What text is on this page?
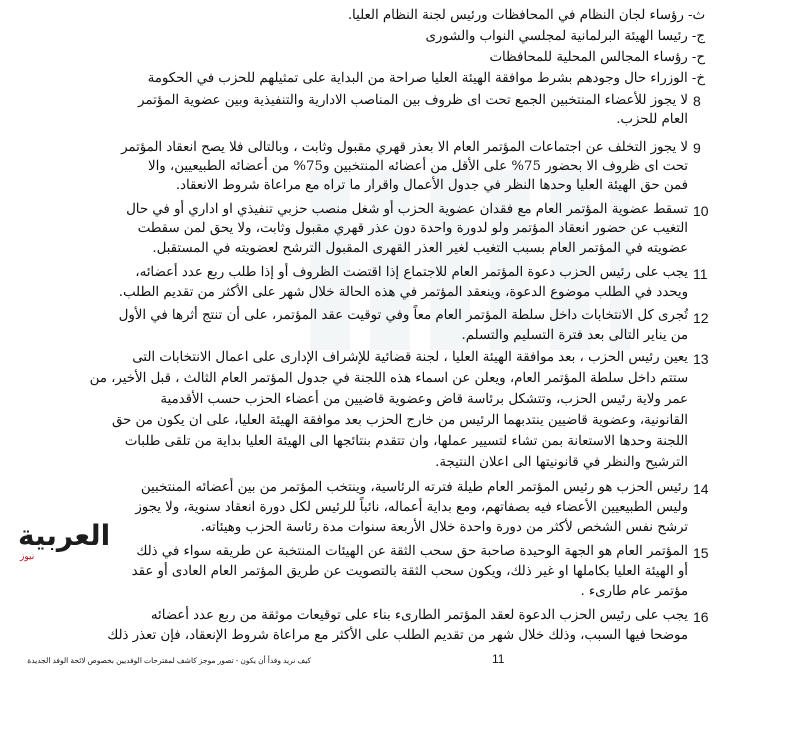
ث- رؤساء لجان النظام في المحافظات ورئيس لجنة النظام العليا.
ج- رئيسا الهيئة البرلمانية لمجلسي النواب والشورى
ح- رؤساء المجالس المحلية للمحافظات
خ- الوزراء حال وجودهم بشرط موافقة الهيئة العليا صراحة من البداية على تمثيلهم للحزب في الحكومة
8
لا يجوز للأعضاء المنتخبين الجمع تحت اى ظروف بين المناصب الادارية والتنفيذية وبين عضوية المؤتمر
العام للحزب.
9
لا يجوز التخلف عن اجتماعات المؤتمر العام الا بعذر قهري مقبول وثابت ، وبالتالى فلا يصح انعقاد المؤتمر
تحت اى ظروف الا بحضور 75% على الأقل من أعضائه المنتخبين و75% من أعضائه الطبيعيين، والا
فمن حق الهيئة العليا وحدها النظر في جدول الأعمال واقرار ما تراه مع مراعاة شروط الانعقاد.
10
تسقط عضوية المؤتمر العام مع فقدان عضوية الحزب أو شغل منصب حزبي تنفيذي او اداري أو في حال
التغيب عن حضور انعقاد المؤتمر ولو لدورة واحدة دون عذر قهري مقبول وثابت، ولا يحق لمن سقطت
عضويته في المؤتمر العام بسبب التغيب لغير العذر القهرى المقبول الترشح لعضويته في المستقبل.
11
يجب على رئيس الحزب دعوة المؤتمر العام للاجتماع إذا اقتضت الظروف أو إذا طلب ربع عدد أعضائه،
ويحدد في الطلب موضوع الدعوة، وينعقد المؤتمر في هذه الحالة خلال شهر على الأكثر من تقديم الطلب.
12
تُجرى كل الانتخابات داخل سلطة المؤتمر العام معاً وفي توقيت عقد المؤتمر، على أن تنتج أثرها في الأول
من يناير التالى بعد فترة التسليم والتسلم.
13
يعين رئيس الحزب ، بعد موافقة الهيئة العليا ، لجنة قضائية للإشراف الإدارى على اعمال الانتخابات التى
ستتم داخل سلطة المؤتمر العام، ويعلن عن اسماء هذه اللجنة في جدول المؤتمر العام الثالث ، قبل الأخير، من
عمر ولاية رئيس الحزب، وتتشكل برئاسة قاض وعضوية قاضيين من أعضاء الحزب حسب الأقدمية
القانونية، وعضوية قاضيين ينتدبهما الرئيس من خارج الحزب بعد موافقة الهيئة العليا، على ان يكون من حق
اللجنة وحدها الاستعانة بمن تشاء لتسيير عملها، وان تتقدم بنتائجها الى الهيئة العليا بداية من تلقى طلبات
الترشيح والنظر في قانونيتها الى اعلان النتيجة.
14
رئيس الحزب هو رئيس المؤتمر العام طيلة فترته الرئاسية، وينتخب المؤتمر من بين أعضائه المنتخبين
وليس الطبيعيين الأعضاء فيه بصفاتهم، ومع بداية أعماله، نائباً للرئيس لكل دورة انعقاد سنوية، ولا يجوز
ترشح نفس الشخص لأكثر من دورة واحدة خلال الأربعة سنوات مدة رئاسة الحزب وهيئاته.
15
المؤتمر العام هو الجهة الوحيدة صاحبة حق سحب الثقة عن الهيئات المنتخبة عن طريقه سواء في ذلك
أو الهيئة العليا بكاملها او غير ذلك، ويكون سحب الثقة بالتصويت عن طريق المؤتمر العام العادى أو عقد
مؤتمر عام طارىء .
16
يجب على رئيس الحزب الدعوة لعقد المؤتمر الطارىء بناء على توقيعات موثقة من ربع عدد أعضائه
موضحا فيها السبب، وذلك خلال شهر من تقديم الطلب على الأكثر مع مراعاة شروط الإنعقاد، فإن تعذر ذلك
11
كيف نريد وفدأ أن يكون - تصور موجز كاشف لمقترحات الوفديين بخصوص لائحة الوفد الجديدة
العربية
نيوز
